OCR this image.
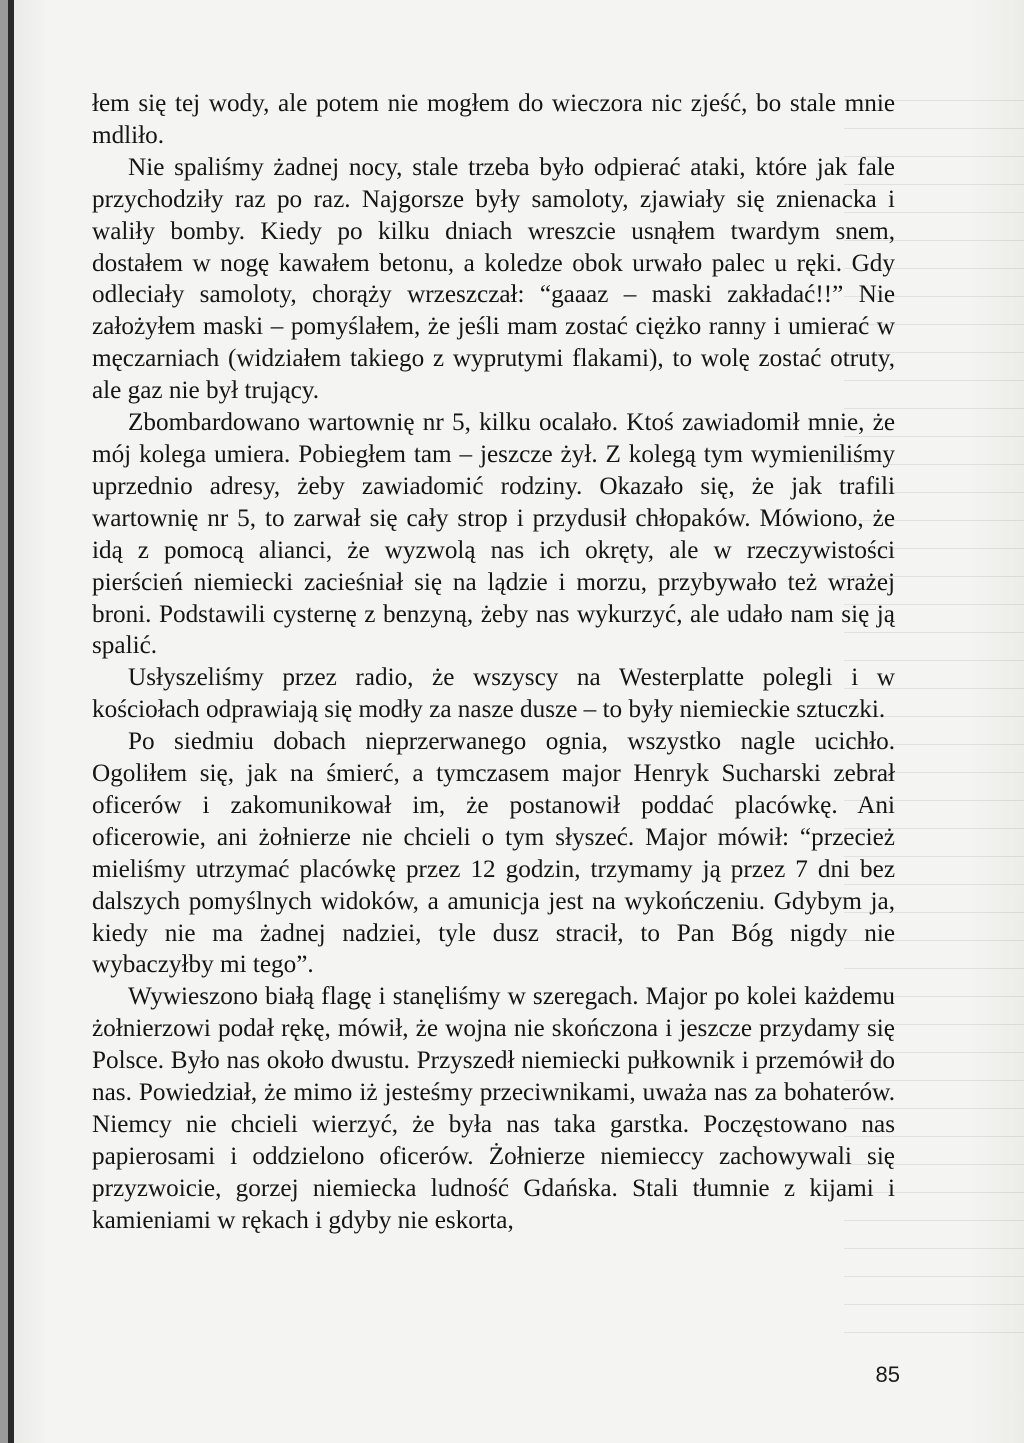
łem się tej wody, ale potem nie mogłem do wieczora nic zjeść, bo stale mnie mdliło.

Nie spaliśmy żadnej nocy, stale trzeba było odpierać ataki, które jak fale przychodziły raz po raz. Najgorsze były samoloty, zjawiały się znienacka i waliły bomby. Kiedy po kilku dniach wreszcie usnąłem twardym snem, dostałem w nogę kawałem betonu, a koledze obok urwało palec u ręki. Gdy odleciały samoloty, chorąży wrzeszczał: “gaaaz – maski zakładać!!” Nie założyłem maski – pomyślałem, że jeśli mam zostać ciężko ranny i umierać w męczarniach (widziałem takiego z wyprutymi flakami), to wolę zostać otruty, ale gaz nie był trujący.

Zbombardowano wartownię nr 5, kilku ocalało. Ktoś zawiadomił mnie, że mój kolega umiera. Pobiegłem tam – jeszcze żył. Z kolegą tym wymieniliśmy uprzednio adresy, żeby zawiadomić rodziny. Okazało się, że jak trafili wartownię nr 5, to zarwał się cały strop i przydusił chłopaków. Mówiono, że idą z pomocą alianci, że wyzwolą nas ich okręty, ale w rzeczywistości pierścień niemiecki zacieśniał się na lądzie i morzu, przybywało też wrażej broni. Podstawili cysternę z benzyną, żeby nas wykurzyć, ale udało nam się ją spalić.

Usłyszeliśmy przez radio, że wszyscy na Westerplatte polegli i w kościołach odprawiają się modły za nasze dusze – to były niemieckie sztuczki.

Po siedmiu dobach nieprzerwanego ognia, wszystko nagle ucichło. Ogoliłem się, jak na śmierć, a tymczasem major Henryk Sucharski zebrał oficerów i zakomunikował im, że postanowił poddać placówkę. Ani oficerowie, ani żołnierze nie chcieli o tym słyszeć. Major mówił: “przecież mieliśmy utrzymać placówkę przez 12 godzin, trzymamy ją przez 7 dni bez dalszych pomyślnych widoków, a amunicja jest na wykończeniu. Gdybym ja, kiedy nie ma żadnej nadziei, tyle dusz stracił, to Pan Bóg nigdy nie wybaczyłby mi tego”.

Wywieszono białą flagę i stanęliśmy w szeregach. Major po kolei każdemu żołnierzowi podał rękę, mówił, że wojna nie skończona i jeszcze przydamy się Polsce. Było nas około dwustu. Przyszedł niemiecki pułkownik i przemówił do nas. Powiedział, że mimo iż jesteśmy przeciwnikami, uważa nas za bohaterów. Niemcy nie chcieli wierzyć, że była nas taka garstka. Poczęstowano nas papierosami i oddzielono oficerów. Żołnierze niemieccy zachowywali się przyzwoicie, gorzej niemiecka ludność Gdańska. Stali tłumnie z kijami i kamieniami w rękach i gdyby nie eskorta,

85
